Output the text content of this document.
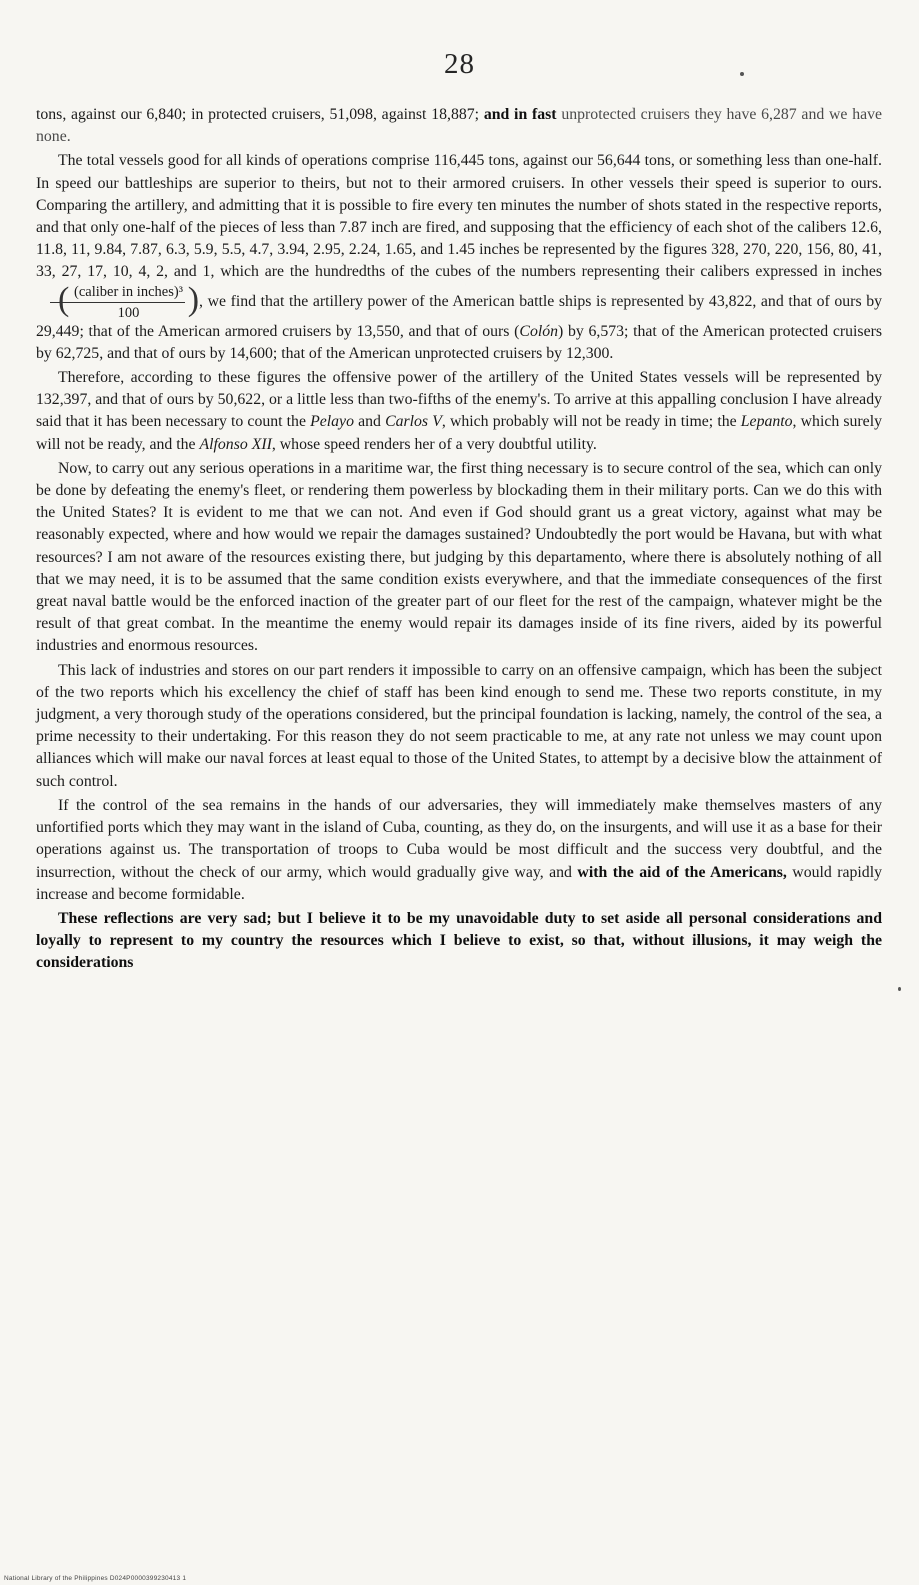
28

tons, against our 6,840; in protected cruisers, 51,098, against 18,887; and in fast unprotected cruisers they have 6,287 and we have none.

The total vessels good for all kinds of operations comprise 116,445 tons, against our 56,644 tons, or something less than one-half. In speed our battleships are superior to theirs, but not to their armored cruisers. In other vessels their speed is superior to ours. Comparing the artillery, and admitting that it is possible to fire every ten minutes the number of shots stated in the respective reports, and that only one-half of the pieces of less than 7.87 inch are fired, and supposing that the efficiency of each shot of the calibers 12.6, 11.8, 11, 9.84, 7.87, 6.3, 5.9, 5.5, 4.7, 3.94, 2.95, 2.24, 1.65, and 1.45 inches be represented by the figures 328, 270, 220, 156, 80, 41, 33, 27, 17, 10, 4, 2, and 1, which are the hundredths of the cubes of the numbers representing their calibers expressed in inches
( (caliber in inches)³
100	) , we find that the artillery power of the American battle ships is represented by 43,822, and that of ours by 29,449; that of the American armored cruisers by 13,550, and that of ours (Colón) by 6,573; that of the American protected cruisers by 62,725, and that of ours by 14,600; that of the American unprotected cruisers by 12,300.

Therefore, according to these figures the offensive power of the artillery of the United States vessels will be represented by 132,397, and that of ours by 50,622, or a little less than two-fifths of the enemy's. To arrive at this appalling conclusion I have already said that it has been necessary to count the Pelayo and Carlos V, which probably will not be ready in time; the Lepanto, which surely will not be ready, and the Alfonso XII, whose speed renders her of a very doubtful utility.

Now, to carry out any serious operations in a maritime war, the first thing necessary is to secure control of the sea, which can only be done by defeating the enemy's fleet, or rendering them powerless by blockading them in their military ports. Can we do this with the United States? It is evident to me that we can not. And even if God should grant us a great victory, against what may be reasonably expected, where and how would we repair the damages sustained? Undoubtedly the port would be Havana, but with what resources? I am not aware of the resources existing there, but judging by this departamento, where there is absolutely nothing of all that we may need, it is to be assumed that the same condition exists everywhere, and that the immediate consequences of the first great naval battle would be the enforced inaction of the greater part of our fleet for the rest of the campaign, whatever might be the result of that great combat. In the meantime the enemy would repair its damages inside of its fine rivers, aided by its powerful industries and enormous resources.

This lack of industries and stores on our part renders it impossible to carry on an offensive campaign, which has been the subject of the two reports which his excellency the chief of staff has been kind enough to send me. These two reports constitute, in my judgment, a very thorough study of the operations considered, but the principal foundation is lacking, namely, the control of the sea, a prime necessity to their undertaking. For this reason they do not seem practicable to me, at any rate not unless we may count upon alliances which will make our naval forces at least equal to those of the United States, to attempt by a decisive blow the attainment of such control.

If the control of the sea remains in the hands of our adversaries, they will immediately make themselves masters of any unfortified ports which they may want in the island of Cuba, counting, as they do, on the insurgents, and will use it as a base for their operations against us. The transportation of troops to Cuba would be most difficult and the success very doubtful, and the insurrection, without the check of our army, which would gradually give way, and with the aid of the Americans, would rapidly increase and become formidable.

These reflections are very sad; but I believe it to be my unavoidable duty to set aside all personal considerations and loyally to represent to my country the resources which I believe to exist, so that, without illusions, it may weigh the considerations

National Library of the Philippines D024P0000399230413 1
